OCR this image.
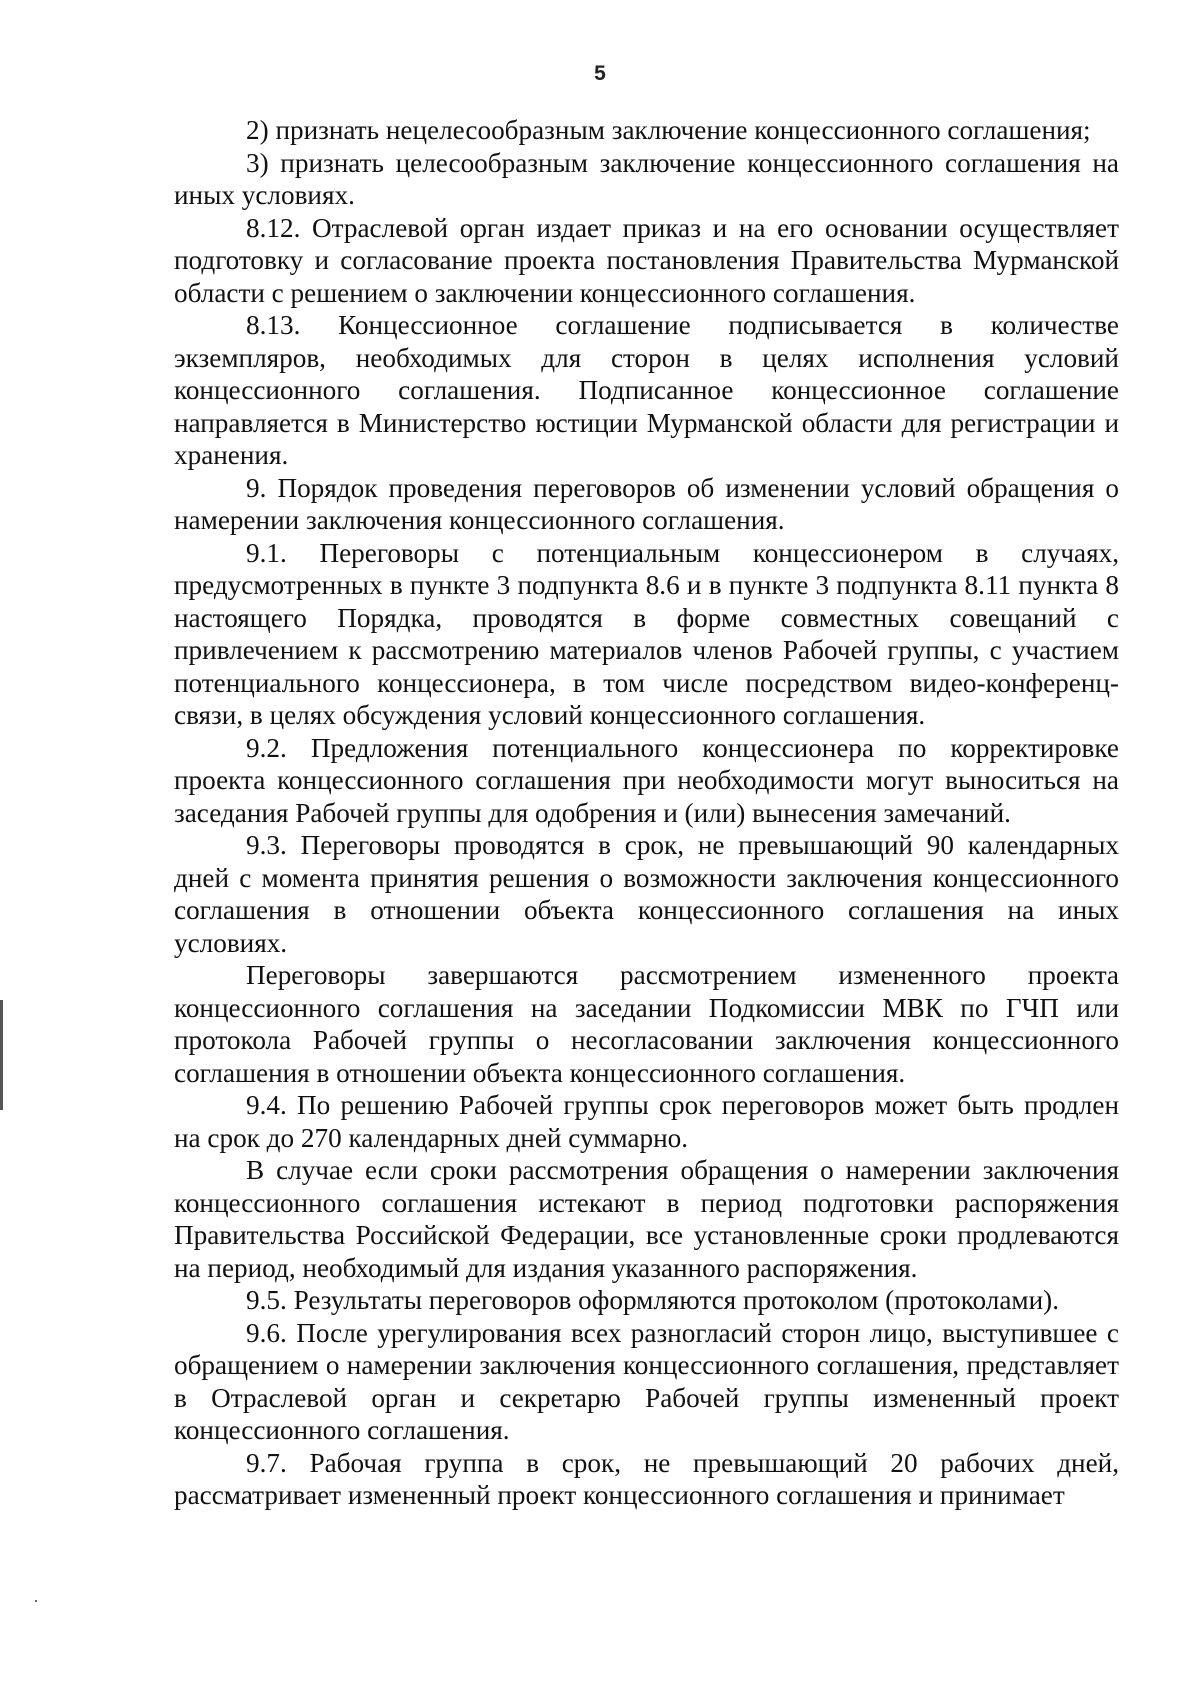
5

2) признать нецелесообразным заключение концессионного соглашения;

3) признать целесообразным заключение концессионного соглашения на иных условиях.

8.12. Отраслевой орган издает приказ и на его основании осуществляет подготовку и согласование проекта постановления Правительства Мурманской области с решением о заключении концессионного соглашения.

8.13. Концессионное соглашение подписывается в количестве экземпляров, необходимых для сторон в целях исполнения условий концессионного соглашения. Подписанное концессионное соглашение направляется в Министерство юстиции Мурманской области для регистрации и хранения.

9. Порядок проведения переговоров об изменении условий обращения о намерении заключения концессионного соглашения.

9.1. Переговоры с потенциальным концессионером в случаях, предусмотренных в пункте 3 подпункта 8.6 и в пункте 3 подпункта 8.11 пункта 8 настоящего Порядка, проводятся в форме совместных совещаний с привлечением к рассмотрению материалов членов Рабочей группы, с участием потенциального концессионера, в том числе посредством видео-конференц-связи, в целях обсуждения условий концессионного соглашения.

9.2. Предложения потенциального концессионера по корректировке проекта концессионного соглашения при необходимости могут выноситься на заседания Рабочей группы для одобрения и (или) вынесения замечаний.

9.3. Переговоры проводятся в срок, не превышающий 90 календарных дней с момента принятия решения о возможности заключения концессионного соглашения в отношении объекта концессионного соглашения на иных условиях.

Переговоры завершаются рассмотрением измененного проекта концессионного соглашения на заседании Подкомиссии МВК по ГЧП или протокола Рабочей группы о несогласовании заключения концессионного соглашения в отношении объекта концессионного соглашения.

9.4. По решению Рабочей группы срок переговоров может быть продлен на срок до 270 календарных дней суммарно.

В случае если сроки рассмотрения обращения о намерении заключения концессионного соглашения истекают в период подготовки распоряжения Правительства Российской Федерации, все установленные сроки продлеваются на период, необходимый для издания указанного распоряжения.

9.5. Результаты переговоров оформляются протоколом (протоколами).

9.6. После урегулирования всех разногласий сторон лицо, выступившее с обращением о намерении заключения концессионного соглашения, представляет в Отраслевой орган и секретарю Рабочей группы измененный проект концессионного соглашения.

9.7. Рабочая группа в срок, не превышающий 20 рабочих дней, рассматривает измененный проект концессионного соглашения и принимает
